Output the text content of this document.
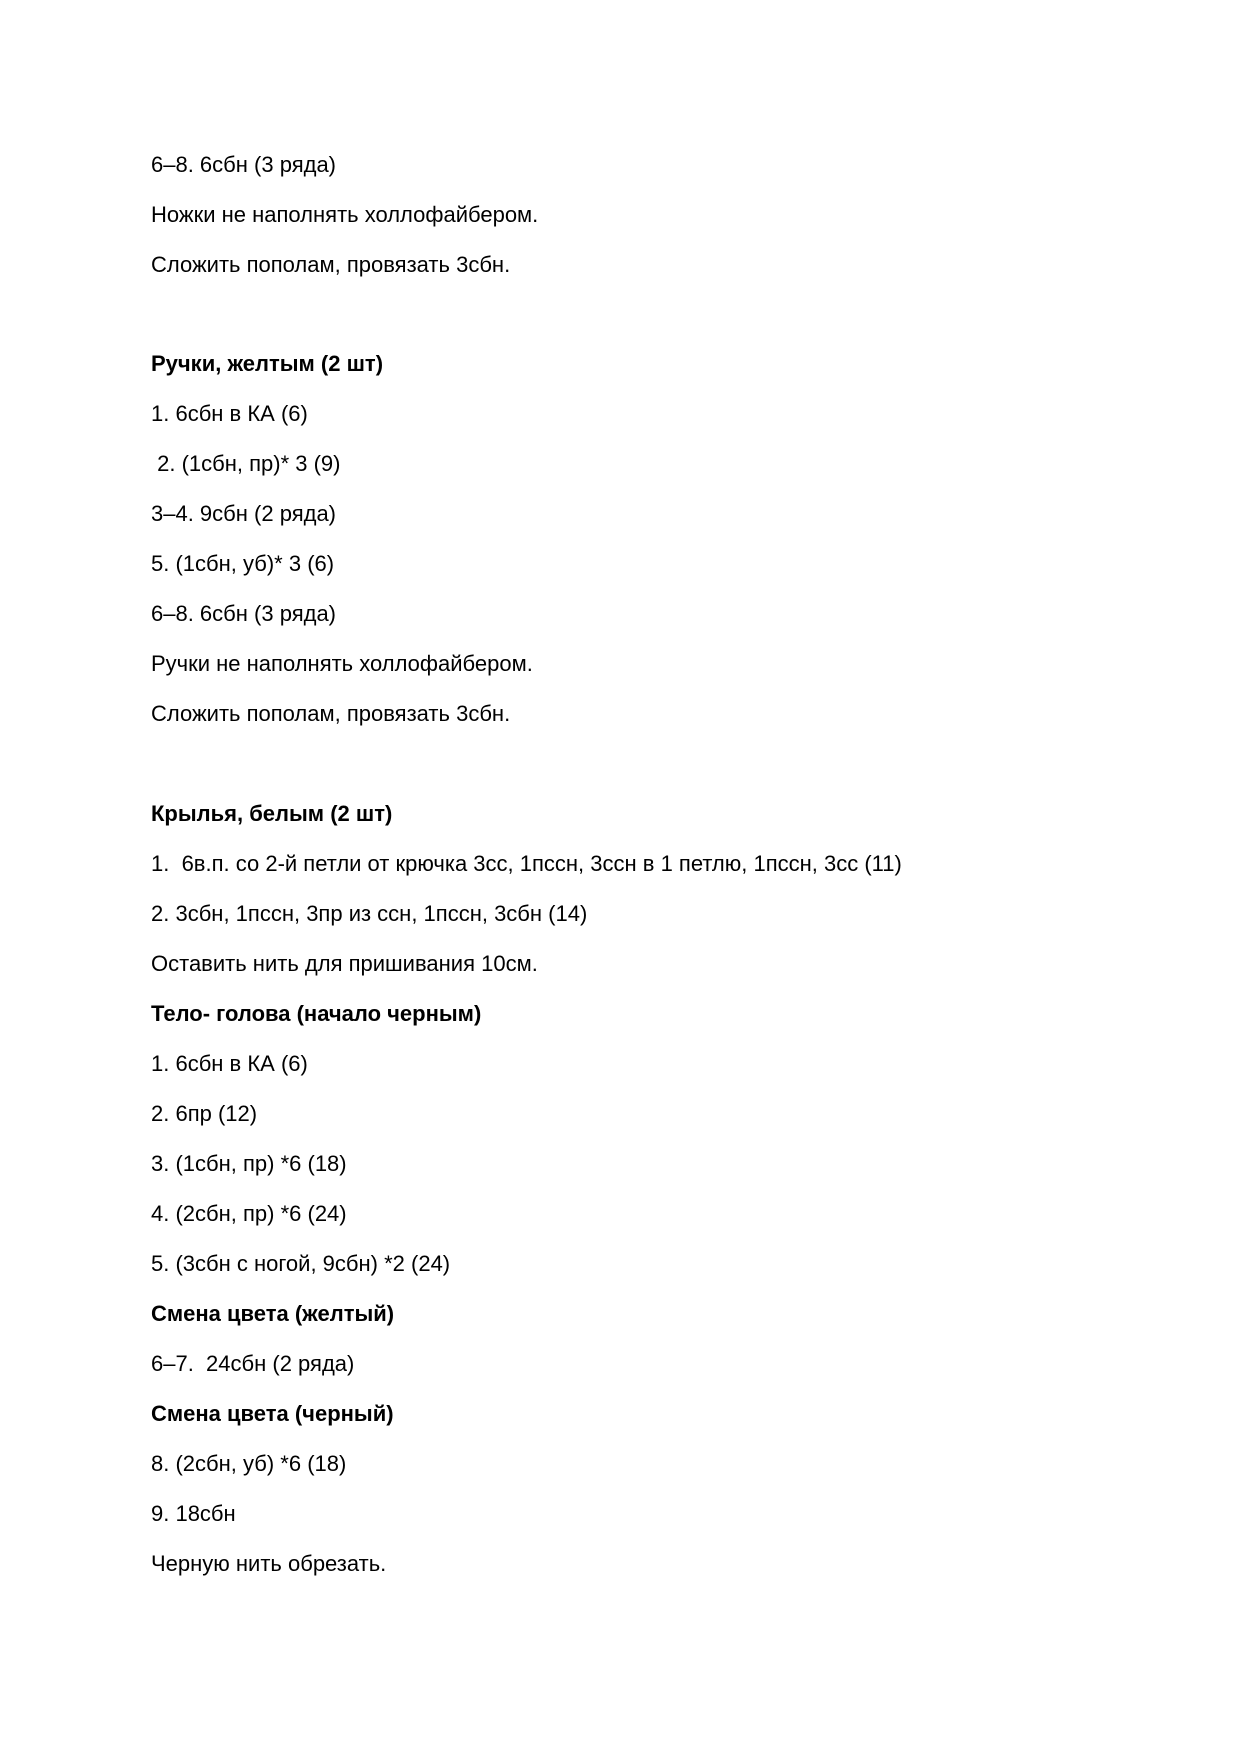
6–8. 6сбн (3 ряда)
Ножки не наполнять холлофайбером.
Сложить пополам, провязать 3сбн.
Ручки, желтым (2 шт)
1. 6сбн в КА (6)
2. (1сбн, пр)* 3 (9)
3–4. 9сбн (2 ряда)
5. (1сбн, уб)* 3 (6)
6–8. 6сбн (3 ряда)
Ручки не наполнять холлофайбером.
Сложить пополам, провязать 3сбн.
Крылья, белым (2 шт)
1.  6в.п. со 2-й петли от крючка 3сс, 1пссн, 3ссн в 1 петлю, 1пссн, 3сс (11)
2. 3сбн, 1пссн, 3пр из ссн, 1пссн, 3сбн (14)
Оставить нить для пришивания 10см.
Тело- голова (начало черным)
1. 6сбн в КА (6)
2. 6пр (12)
3. (1сбн, пр) *6 (18)
4. (2сбн, пр) *6 (24)
5. (3сбн с ногой, 9сбн) *2 (24)
Смена цвета (желтый)
6–7.  24сбн (2 ряда)
Смена цвета (черный)
8. (2сбн, уб) *6 (18)
9. 18сбн
Черную нить обрезать.
